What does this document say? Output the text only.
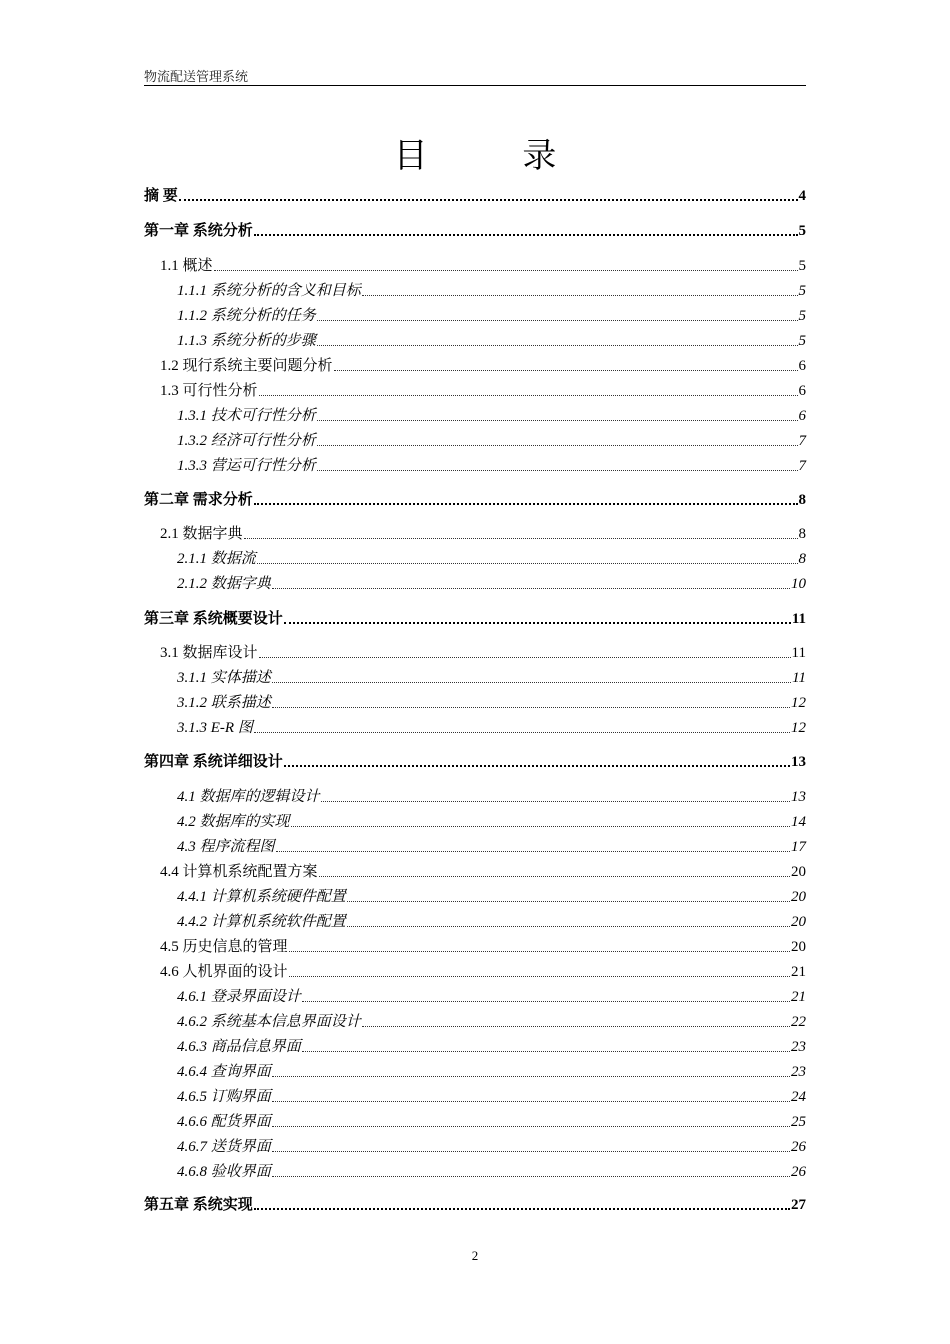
物流配送管理系统
目 录
摘 要	4
第一章 系统分析	5
1.1 概述	5
1.1.1 系统分析的含义和目标	5
1.1.2 系统分析的任务	5
1.1.3 系统分析的步骤	5
1.2 现行系统主要问题分析	6
1.3 可行性分析	6
1.3.1 技术可行性分析	6
1.3.2 经济可行性分析	7
1.3.3 营运可行性分析	7
第二章 需求分析	8
2.1 数据字典	8
2.1.1 数据流	8
2.1.2 数据字典	10
第三章 系统概要设计	11
3.1 数据库设计	11
3.1.1 实体描述	11
3.1.2 联系描述	12
3.1.3 E-R 图	12
第四章 系统详细设计	13
4.1 数据库的逻辑设计	13
4.2 数据库的实现	14
4.3 程序流程图	17
4.4 计算机系统配置方案	20
4.4.1 计算机系统硬件配置	20
4.4.2 计算机系统软件配置	20
4.5 历史信息的管理	20
4.6 人机界面的设计	21
4.6.1 登录界面设计	21
4.6.2 系统基本信息界面设计	22
4.6.3 商品信息界面	23
4.6.4 查询界面	23
4.6.5 订购界面	24
4.6.6 配货界面	25
4.6.7 送货界面	26
4.6.8 验收界面	26
第五章 系统实现	27
2
